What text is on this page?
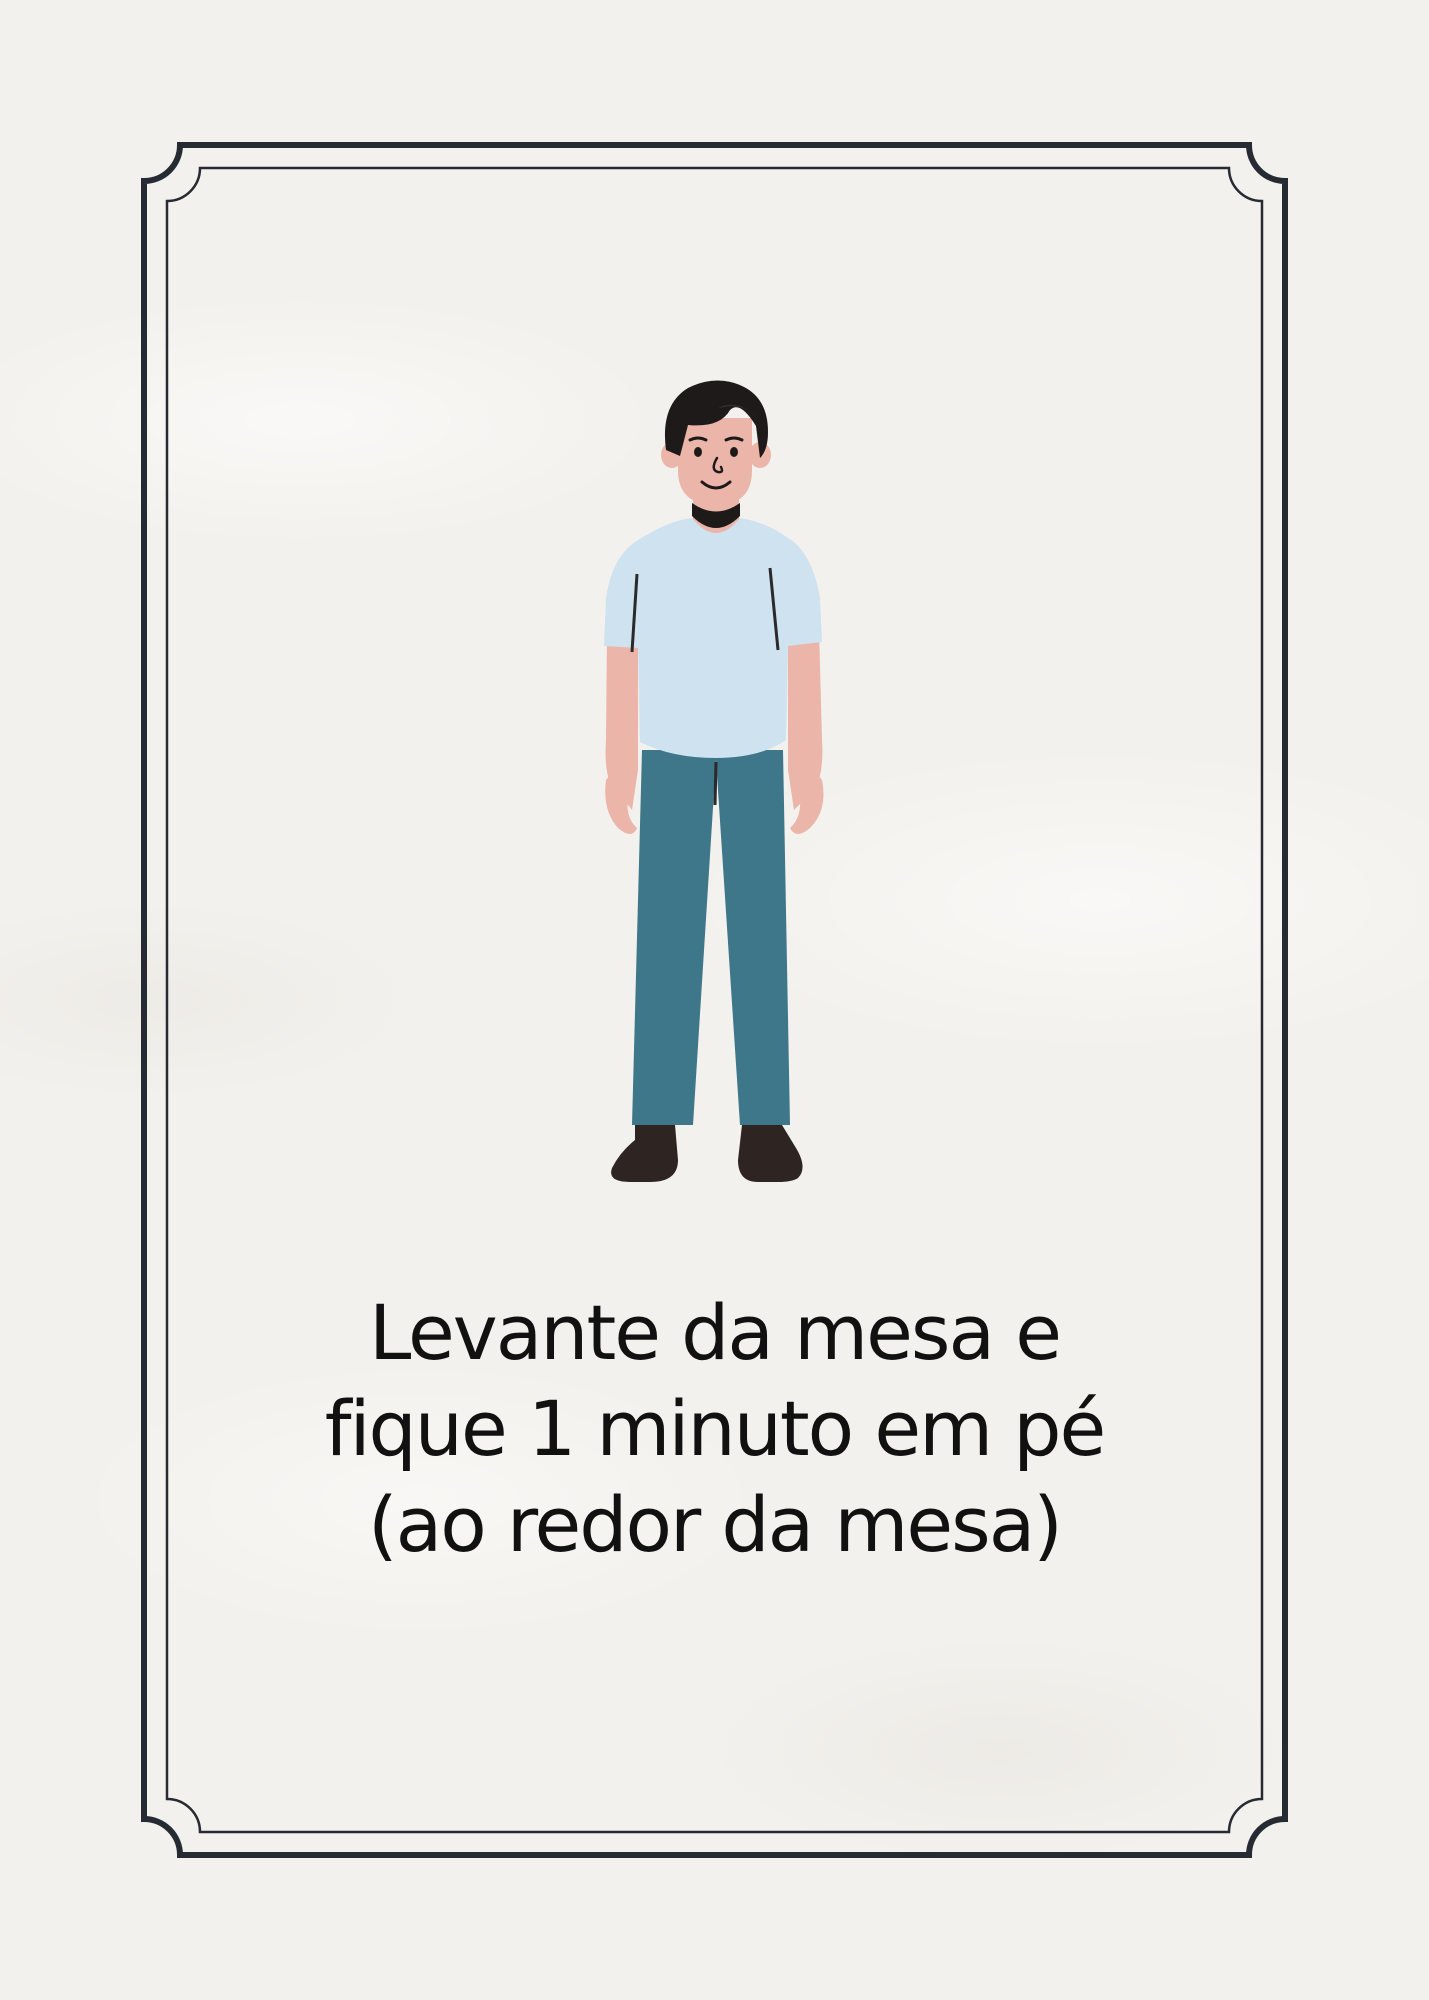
Levante da mesa e
fique 1 minuto em pé
(ao redor da mesa)
